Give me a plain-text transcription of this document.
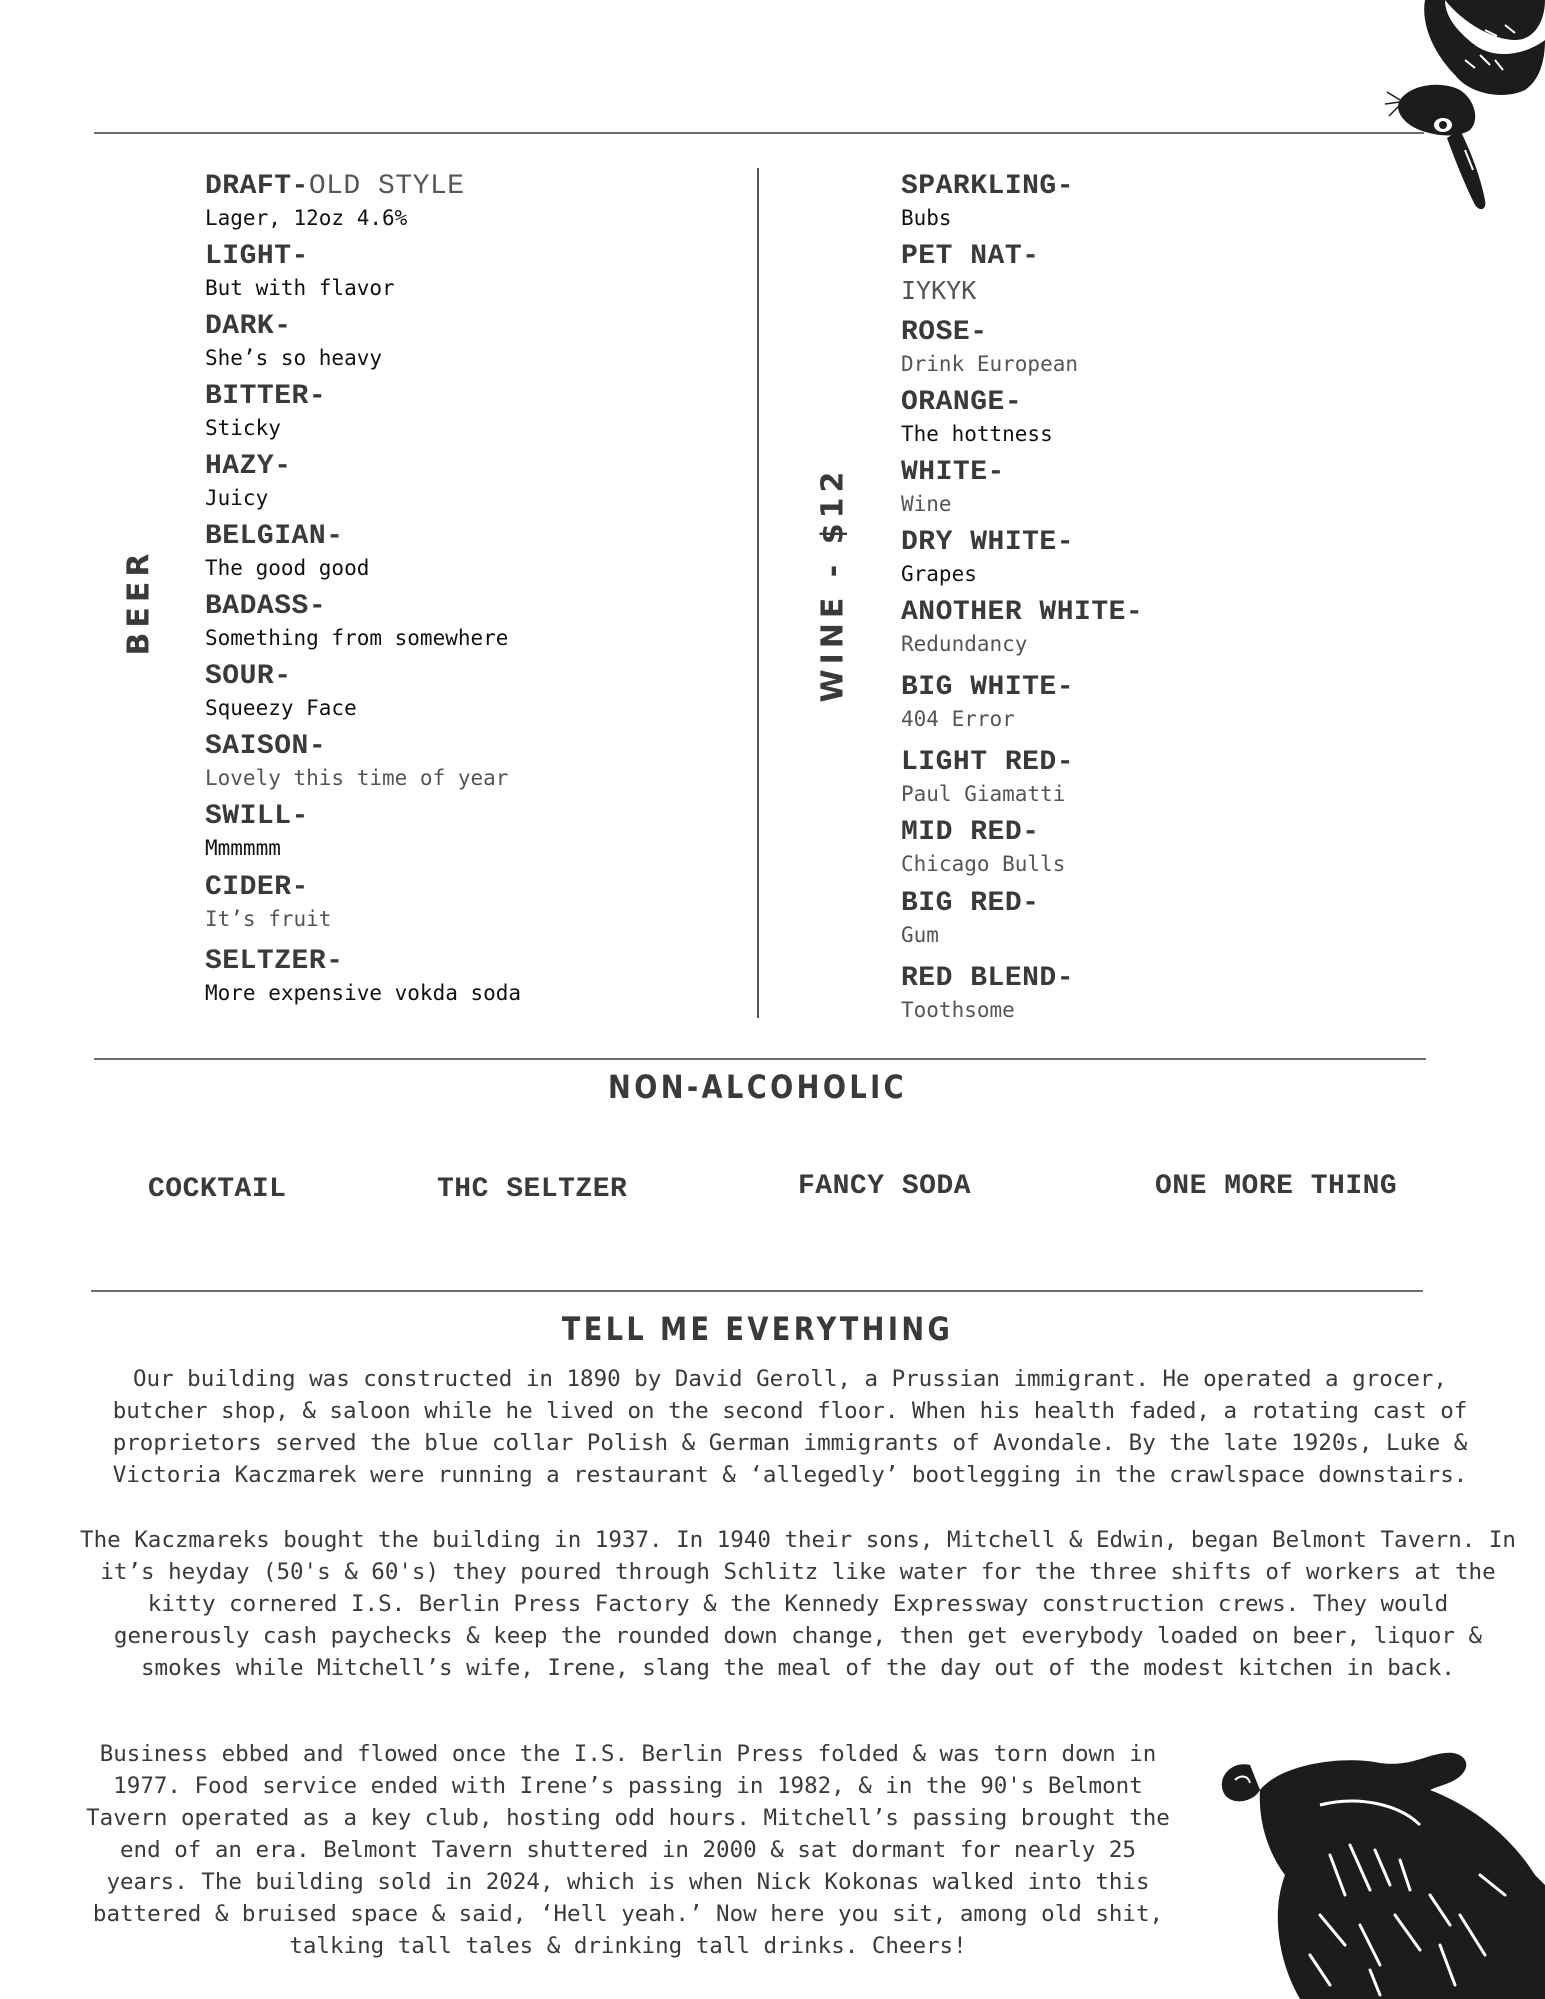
BEER
DRAFT-OLD STYLE
Lager, 12oz 4.6%
LIGHT-
But with flavor
DARK-
She’s so heavy
BITTER-
Sticky
HAZY-
Juicy
BELGIAN-
The good good
BADASS-
Something from somewhere
SOUR-
Squeezy Face
SAISON-
Lovely this time of year
SWILL-
Mmmmmm
CIDER-
It’s fruit
SELTZER-
More expensive vokda soda
WINE - $12
SPARKLING-
Bubs
PET NAT-
IYKYK
ROSE-
Drink European
ORANGE-
The hottness
WHITE-
Wine
DRY WHITE-
Grapes
ANOTHER WHITE-
Redundancy
BIG WHITE-
404 Error
LIGHT RED-
Paul Giamatti
MID RED-
Chicago Bulls
BIG RED-
Gum
RED BLEND-
Toothsome
NON-ALCOHOLIC
COCKTAIL	THC SELTZER	FANCY SODA	ONE MORE THING
TELL ME EVERYTHING
Our building was constructed in 1890 by David Geroll, a Prussian immigrant. He operated a grocer, butcher shop, & saloon while he lived on the second floor. When his health faded, a rotating cast of proprietors served the blue collar Polish & German immigrants of Avondale. By the late 1920s, Luke & Victoria Kaczmarek were running a restaurant & ‘allegedly’ bootlegging in the crawlspace downstairs.
The Kaczmareks bought the building in 1937. In 1940 their sons, Mitchell & Edwin, began Belmont Tavern. In it’s heyday (50's & 60's) they poured through Schlitz like water for the three shifts of workers at the kitty cornered I.S. Berlin Press Factory & the Kennedy Expressway construction crews. They would generously cash paychecks & keep the rounded down change, then get everybody loaded on beer, liquor & smokes while Mitchell’s wife, Irene, slang the meal of the day out of the modest kitchen in back.
Business ebbed and flowed once the I.S. Berlin Press folded & was torn down in 1977. Food service ended with Irene’s passing in 1982, & in the 90's Belmont Tavern operated as a key club, hosting odd hours. Mitchell’s passing brought the end of an era. Belmont Tavern shuttered in 2000 & sat dormant for nearly 25 years. The building sold in 2024, which is when Nick Kokonas walked into this battered & bruised space & said, ‘Hell yeah.’ Now here you sit, among old shit, talking tall tales & drinking tall drinks. Cheers!
